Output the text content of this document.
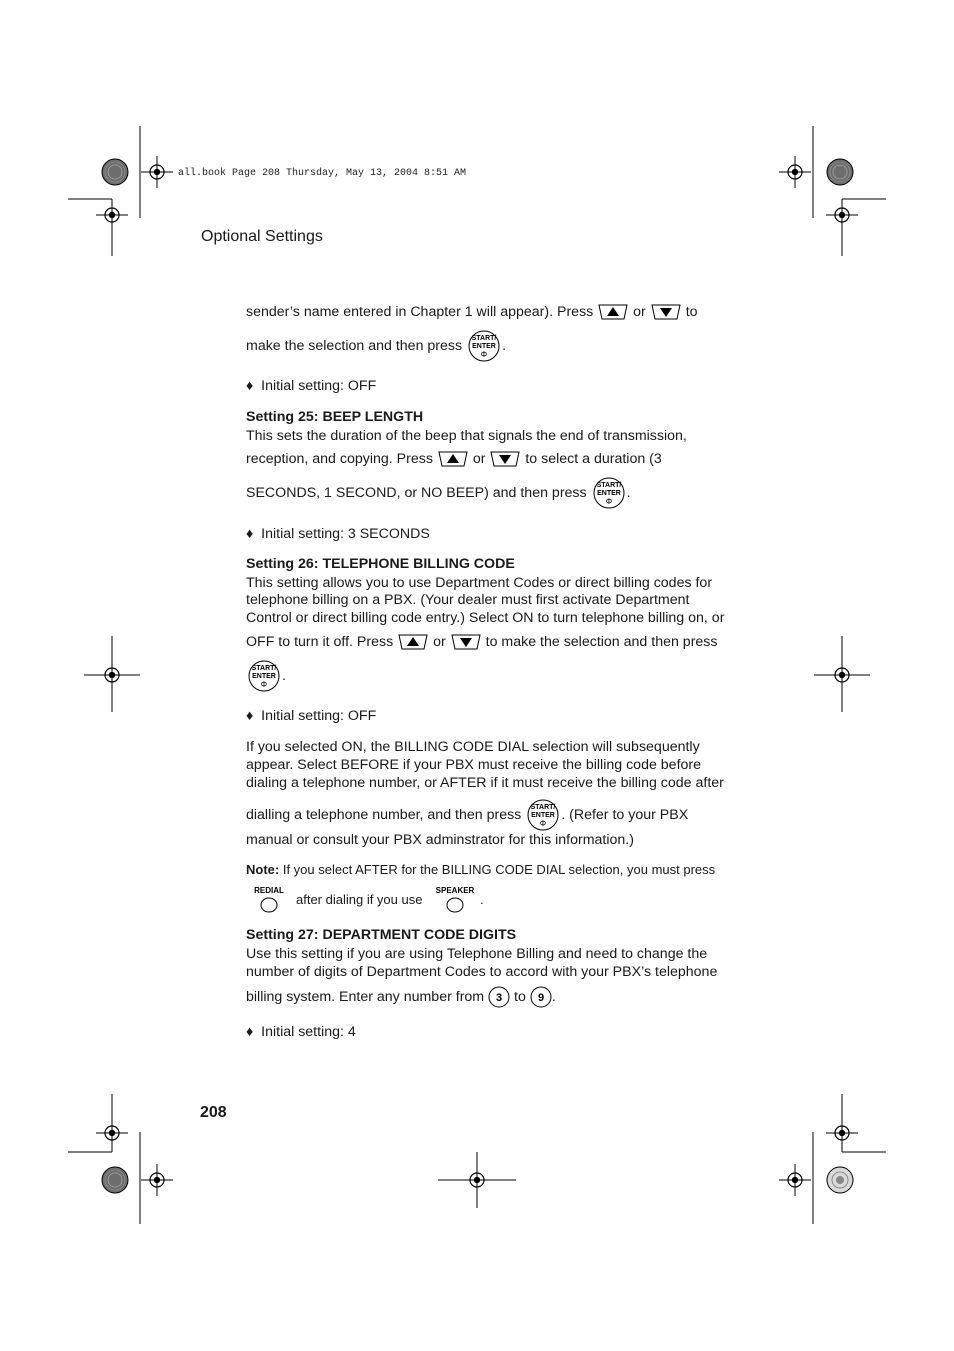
all.book Page 208 Thursday, May 13, 2004 8:51 AM
Optional Settings
sender’s name entered in Chapter 1 will appear). Press	or	to
make the selection and then press START/
ENTER
Φ
.
♦ Initial setting: OFF
Setting 25: BEEP LENGTH
This sets the duration of the beep that signals the end of transmission,
reception, and copying. Press	or	to select a duration (3
SECONDS, 1 SECOND, or NO BEEP) and then press START/
ENTER
Φ
.
♦ Initial setting: 3 SECONDS
Setting 26: TELEPHONE BILLING CODE
This setting allows you to use Department Codes or direct billing codes for
telephone billing on a PBX. (Your dealer must first activate Department
Control or direct billing code entry.) Select ON to turn telephone billing on, or
OFF to turn it off. Press	or	to make the selection and then press
START/
ENTER
Φ
.
♦ Initial setting: OFF
If you selected ON, the BILLING CODE DIAL selection will subsequently
appear. Select BEFORE if your PBX must receive the billing code before
dialing a telephone number, or AFTER if it must receive the billing code after
dialling a telephone number, and then press START/
ENTER
Φ
. (Refer to your PBX
manual or consult your PBX adminstrator for this information.)
Note: If you select AFTER for the BILLING CODE DIAL selection, you must press
REDIAL
after dialing if you use
SPEAKER
.
Setting 27: DEPARTMENT CODE DIGITS
Use this setting if you are using Telephone Billing and need to change the
number of digits of Department Codes to accord with your PBX’s telephone
billing system. Enter any number from 3 to 9 .
♦ Initial setting: 4
208
